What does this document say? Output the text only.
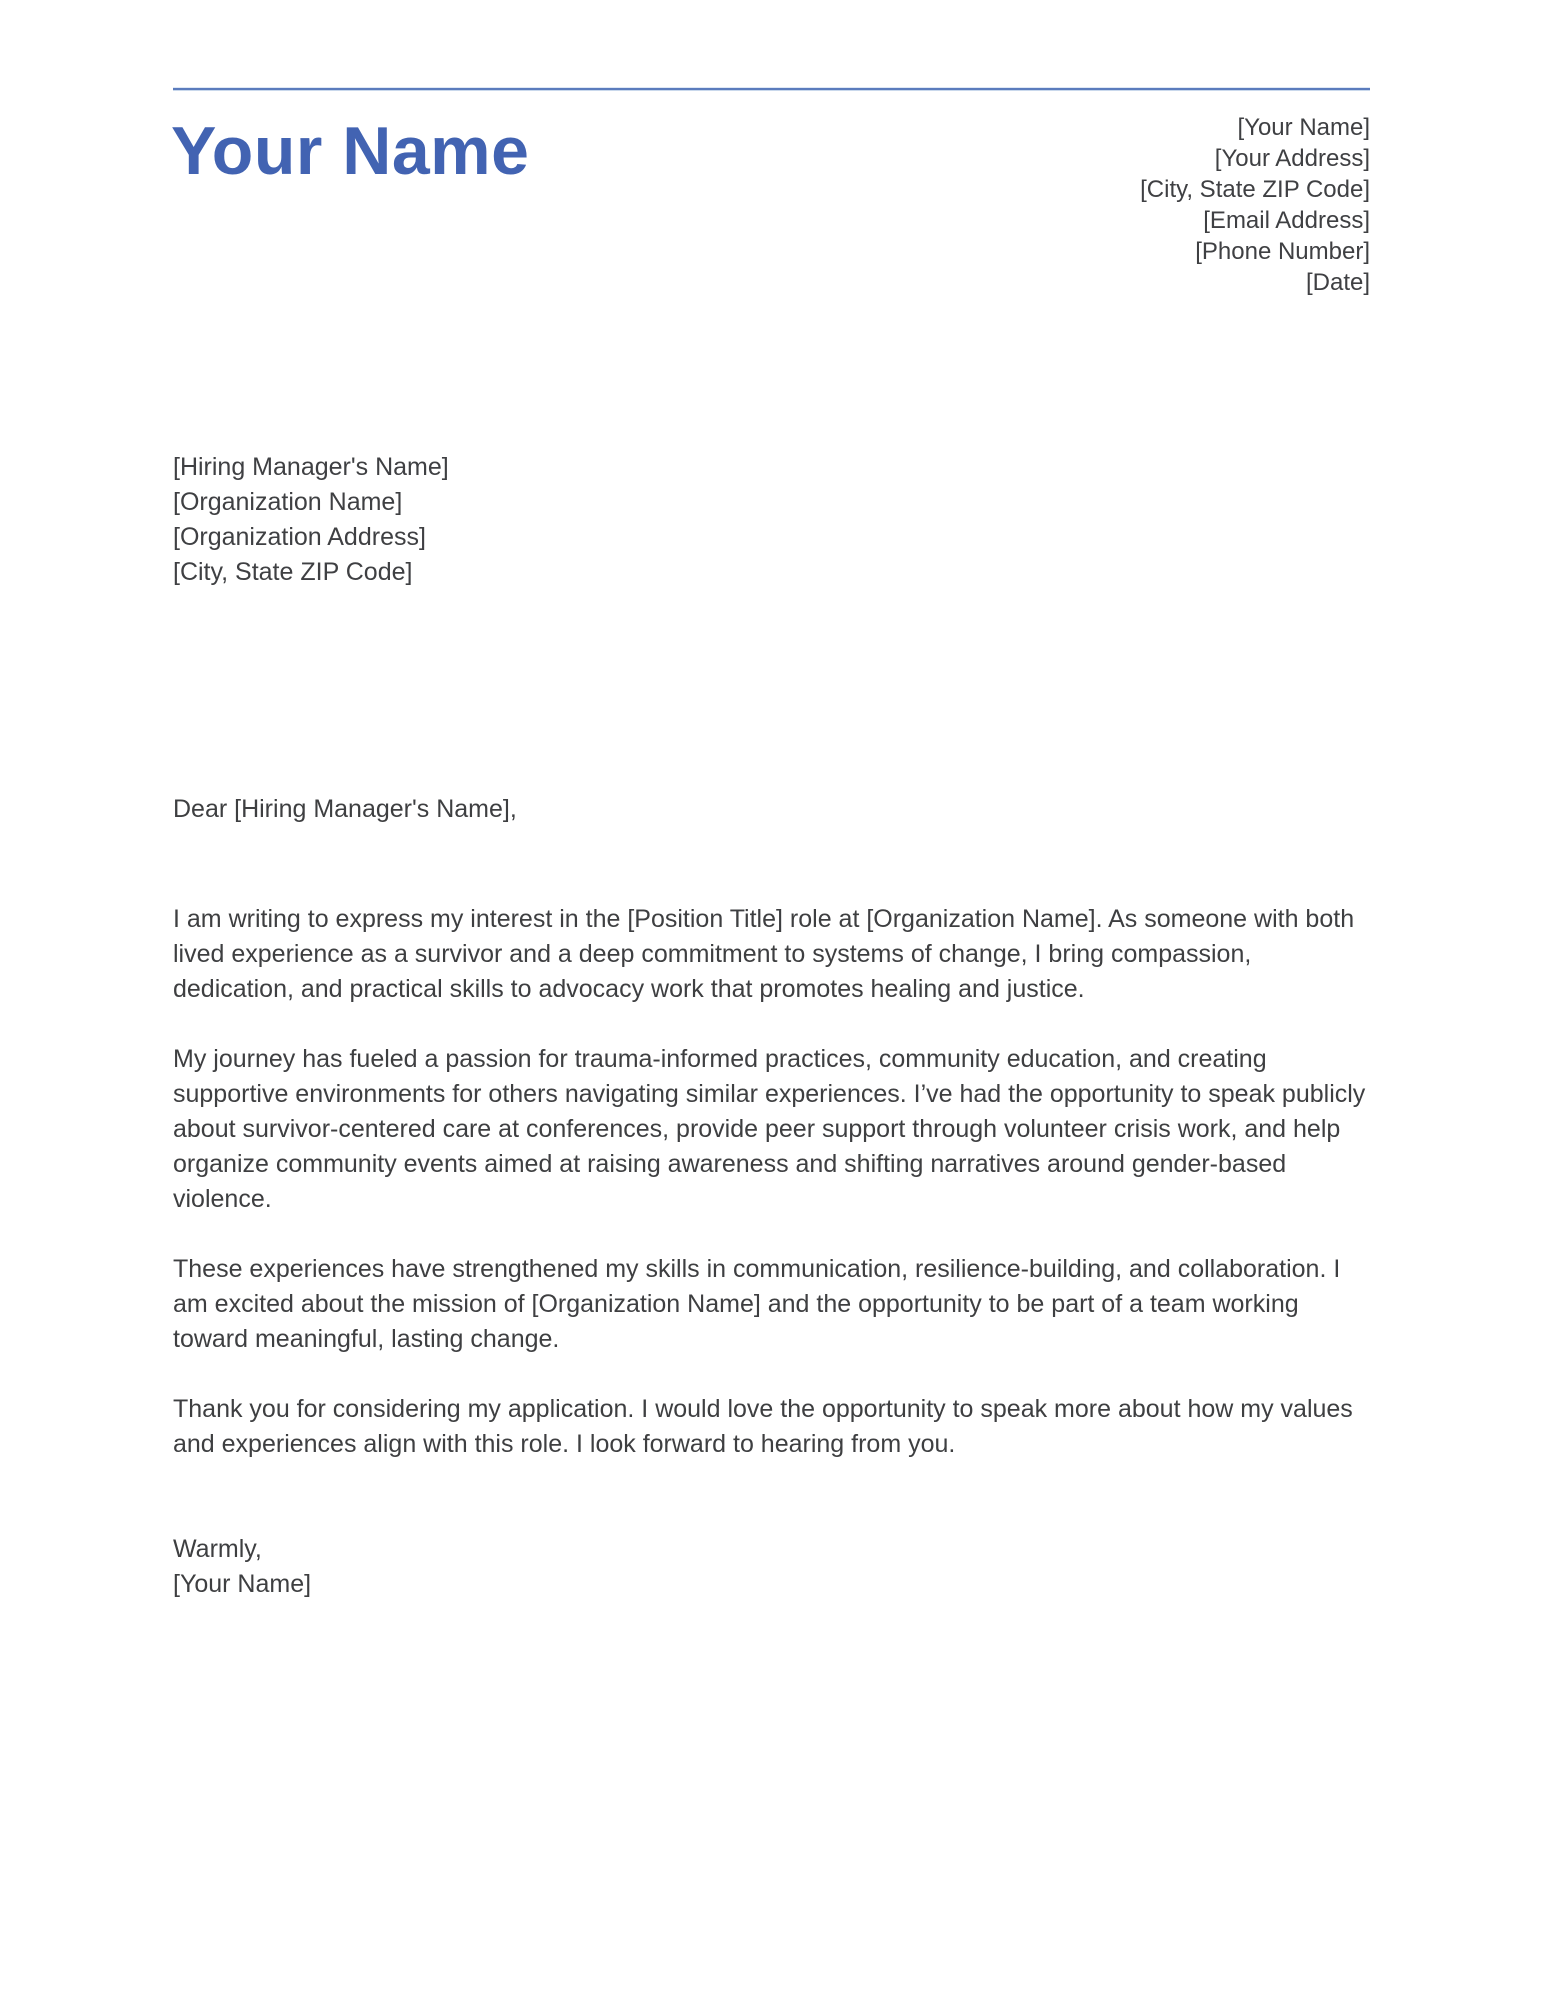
Your Name	[Your Name]
[Your Address]
[City, State ZIP Code]
[Email Address]
[Phone Number]
[Date]
[Hiring Manager's Name]
[Organization Name]
[Organization Address]
[City, State ZIP Code]
Dear [Hiring Manager's Name],

I am writing to express my interest in the [Position Title] role at [Organization Name]. As someone with both lived experience as a survivor and a deep commitment to systems of change, I bring compassion, dedication, and practical skills to advocacy work that promotes healing and justice.

My journey has fueled a passion for trauma-informed practices, community education, and creating supportive environments for others navigating similar experiences. I’ve had the opportunity to speak publicly about survivor-centered care at conferences, provide peer support through volunteer crisis work, and help organize community events aimed at raising awareness and shifting narratives around gender-based violence.

These experiences have strengthened my skills in communication, resilience-building, and collaboration. I am excited about the mission of [Organization Name] and the opportunity to be part of a team working toward meaningful, lasting change.

Thank you for considering my application. I would love the opportunity to speak more about how my values and experiences align with this role. I look forward to hearing from you.

Warmly,
[Your Name]
